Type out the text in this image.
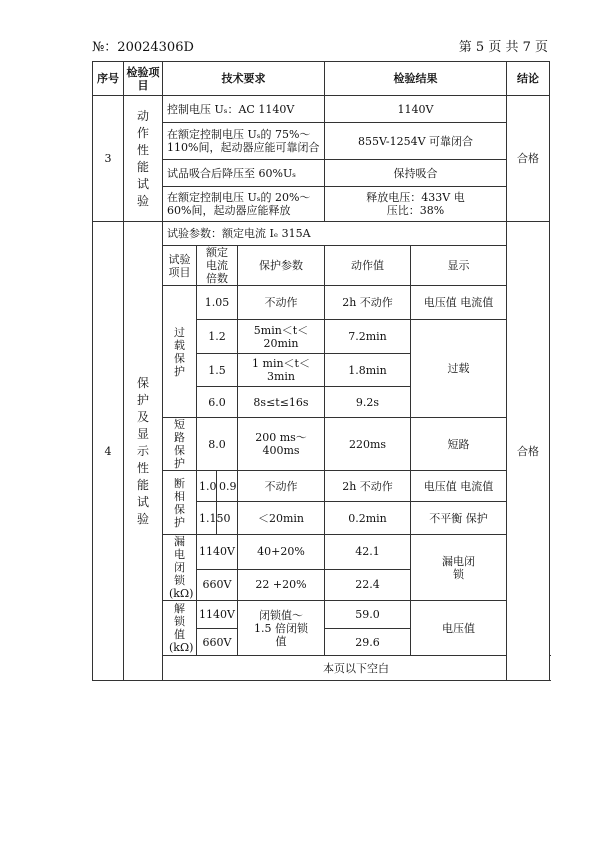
№：20024306D	第 5 页 共 7 页
序号	检验项目	技术要求				检验结果		结论
3	动作性能试验	控制电压 Uₛ：AC 1140V				1140V		合格
		在额定控制电压 Uₛ的 75%～110%间，起动器应能可靠闭合				855V-1254V 可靠闭合		
		试品吸合后降压至 60%Uₛ				保持吸合		
		在额定控制电压 Uₛ的 20%～60%间，起动器应能释放				释放电压：433V 电压比：38%		
4	保护及显示性能试验	试验参数：额定电流 Iₑ 315A						合格
		试验项目	额定电流倍数		保护参数	动作值	显示	
		过载保护	1.05		不动作	2h 不动作	电压值 电流值	
			1.2		5min＜t＜20min	7.2min	过载	
			1.5		1 min＜t＜3min	1.8min		
			6.0		8s≤t≤16s	9.2s		
		短路保护	8.0		200 ms～400ms	220ms	短路	
		断相保护	1.0	0.9	不动作	2h 不动作	电压值 电流值	
			1.15	0	＜20min	0.2min	不平衡 保护	
		漏电闭锁(kΩ)	1140V		40+20%	42.1	漏电闭锁	
			660V		22 +20%	22.4		
		解锁值(kΩ)	1140V		闭锁值～ 1.5 倍闭锁值	59.0	电压值	
			660V			29.6		
		本页以下空白						
